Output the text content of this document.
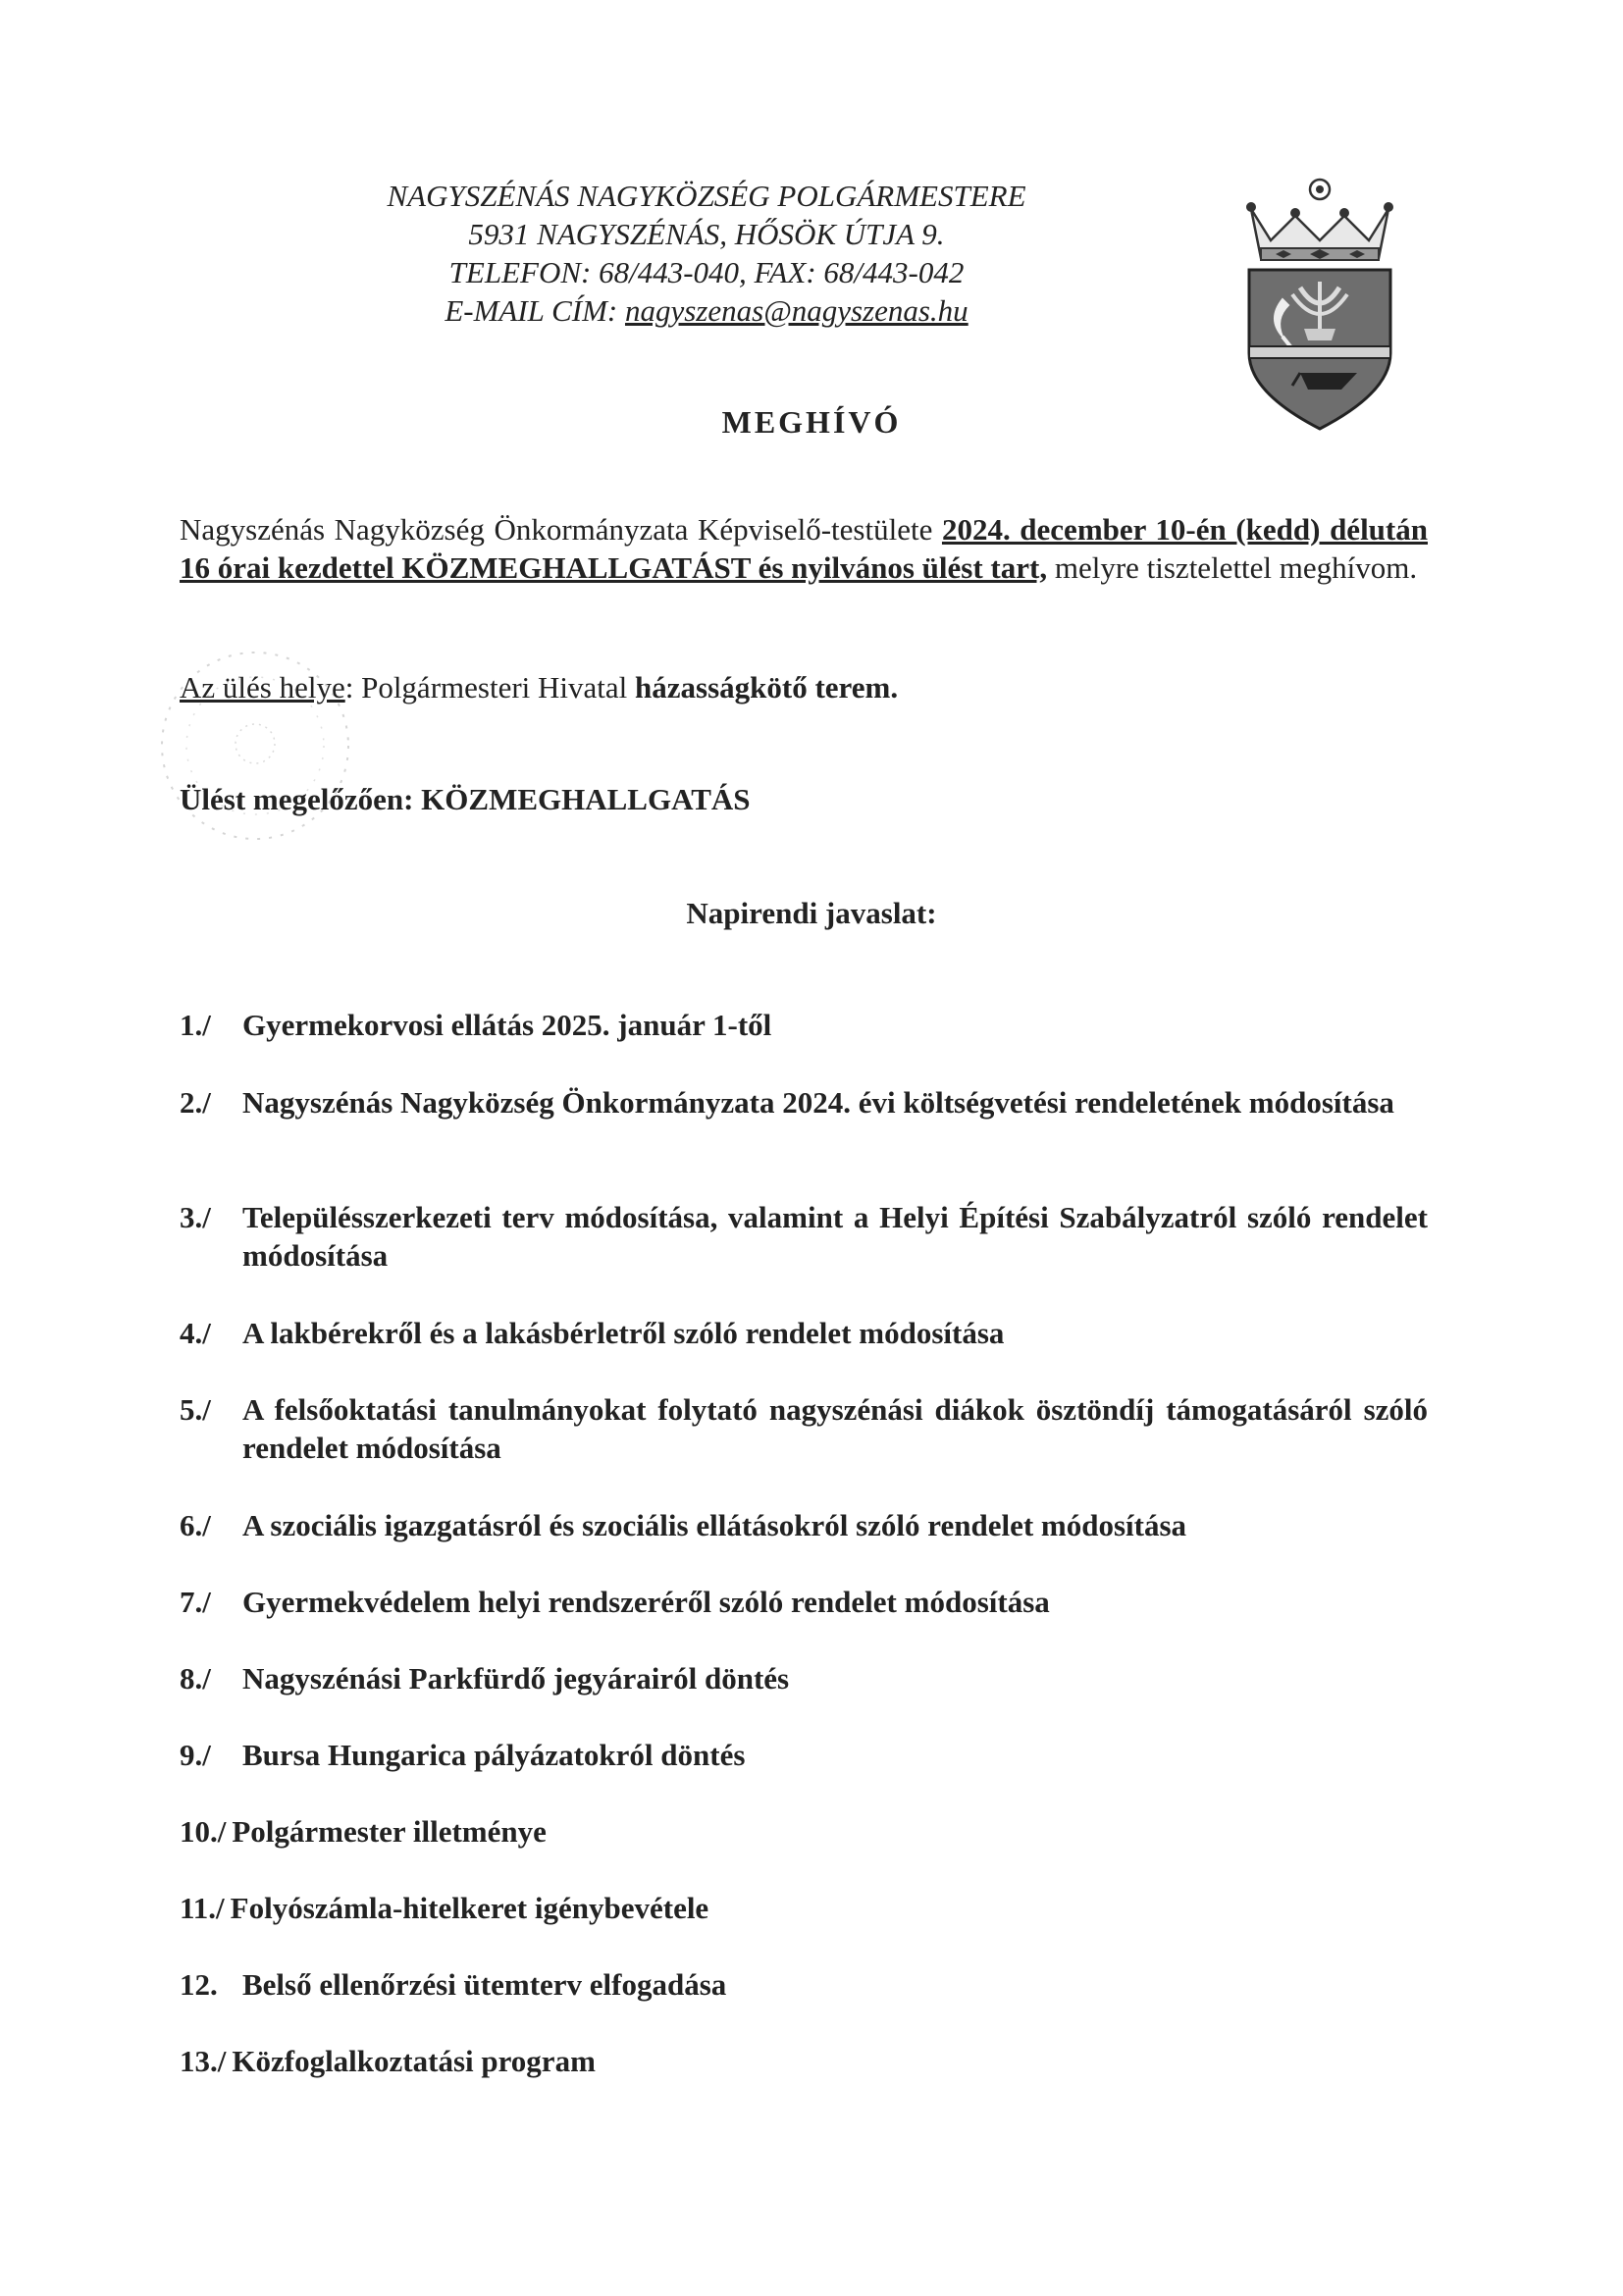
NAGYSZÉNÁS NAGYKÖZSÉG POLGÁRMESTERE
5931 NAGYSZÉNÁS, HŐSÖK ÚTJA 9.
TELEFON: 68/443-040, FAX: 68/443-042
E-MAIL CÍM: nagyszenas@nagyszenas.hu
MEGHÍVÓ
Nagyszénás Nagyközség Önkormányzata Képviselő-testülete 2024. december 10-én (kedd) délután 16 órai kezdettel KÖZMEGHALLGATÁST és nyilvános ülést tart, melyre tisztelettel meghívom.
Az ülés helye: Polgármesteri Hivatal házasságkötő terem.
Ülést megelőzően: KÖZMEGHALLGATÁS
Napirendi javaslat:
1./	Gyermekorvosi ellátás 2025. január 1-től
2./	Nagyszénás Nagyközség Önkormányzata 2024. évi költségvetési rendeletének módosítása
3./	Településszerkezeti terv módosítása, valamint a Helyi Építési Szabályzatról szóló rendelet módosítása
4./	A lakbérekről és a lakásbérletről szóló rendelet módosítása
5./	A felsőoktatási tanulmányokat folytató nagyszénási diákok ösztöndíj támogatásáról szóló rendelet módosítása
6./	A szociális igazgatásról és szociális ellátásokról szóló rendelet módosítása
7./	Gyermekvédelem helyi rendszeréről szóló rendelet módosítása
8./	Nagyszénási Parkfürdő jegyárairól döntés
9./	Bursa Hungarica pályázatokról döntés
10./ Polgármester illetménye
11./ Folyószámla-hitelkeret igénybevétele
12. Belső ellenőrzési ütemterv elfogadása
13./ Közfoglalkoztatási program
